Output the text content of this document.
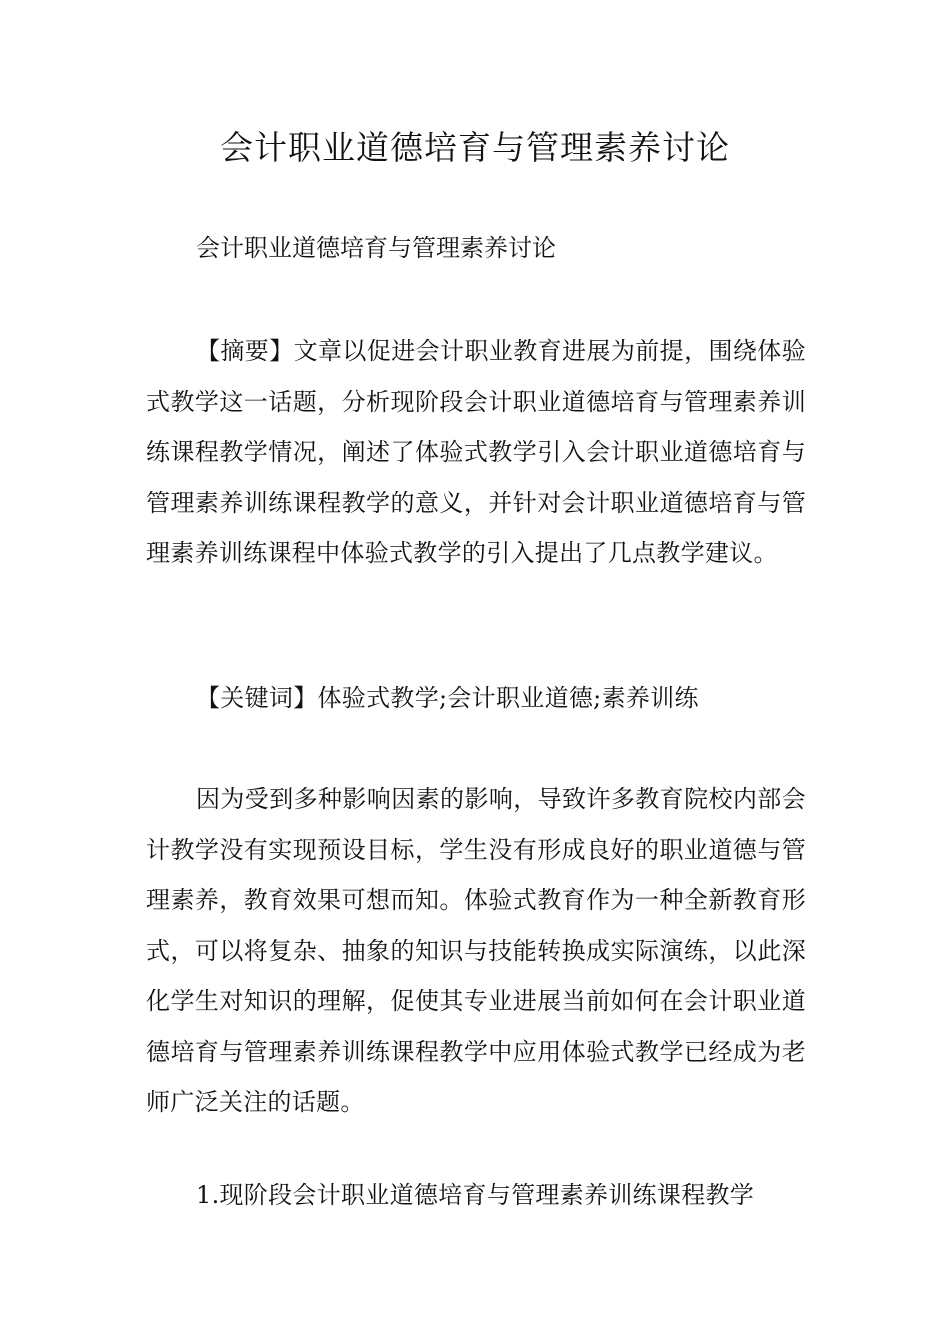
会计职业道德培育与管理素养讨论

会计职业道德培育与管理素养讨论

【摘要】文章以促进会计职业教育进展为前提，围绕体验式教学这一话题，分析现阶段会计职业道德培育与管理素养训练课程教学情况，阐述了体验式教学引入会计职业道德培育与管理素养训练课程教学的意义，并针对会计职业道德培育与管理素养训练课程中体验式教学的引入提出了几点教学建议。

【关键词】体验式教学;会计职业道德;素养训练

因为受到多种影响因素的影响，导致许多教育院校内部会计教学没有实现预设目标，学生没有形成良好的职业道德与管理素养，教育效果可想而知。体验式教育作为一种全新教育形式，可以将复杂、抽象的知识与技能转换成实际演练，以此深化学生对知识的理解，促使其专业进展当前如何在会计职业道德培育与管理素养训练课程教学中应用体验式教学已经成为老师广泛关注的话题。

1.现阶段会计职业道德培育与管理素养训练课程教学
